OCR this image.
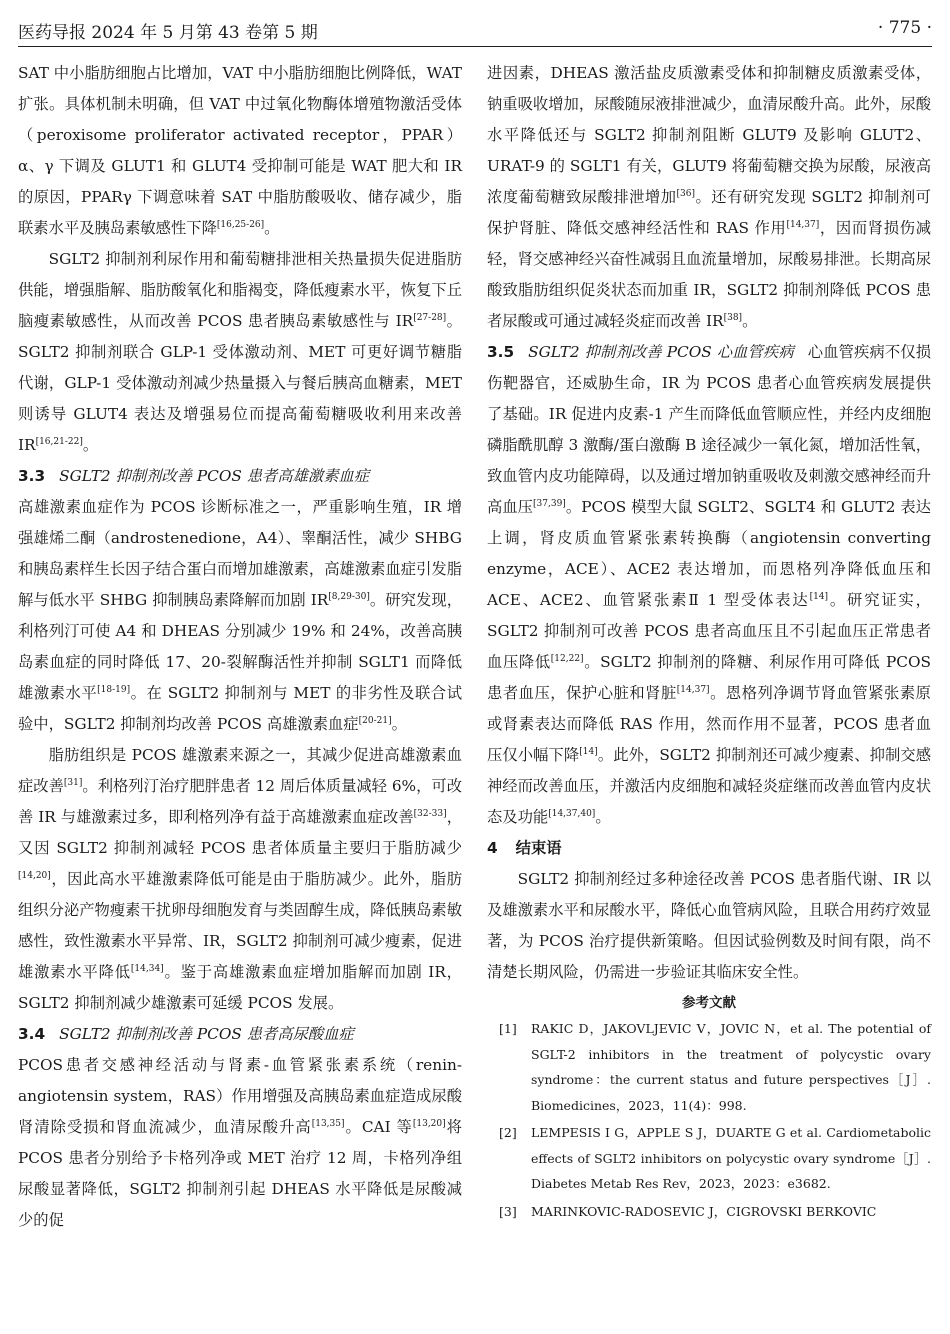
医药导报 2024 年 5 月第 43 卷第 5 期	· 775 ·

SAT 中小脂肪细胞占比增加，VAT 中小脂肪细胞比例降低，WAT 扩张。具体机制未明确，但 VAT 中过氧化物酶体增殖物激活受体（peroxisome proliferator activated receptor，PPAR）α、γ 下调及 GLUT1 和 GLUT4 受抑制可能是 WAT 肥大和 IR 的原因，PPARγ 下调意味着 SAT 中脂肪酸吸收、储存减少，脂联素水平及胰岛素敏感性下降[16,25-26]。

SGLT2 抑制剂利尿作用和葡萄糖排泄相关热量损失促进脂肪供能，增强脂解、脂肪酸氧化和脂褐变，降低瘦素水平，恢复下丘脑瘦素敏感性，从而改善 PCOS 患者胰岛素敏感性与 IR[27-28]。SGLT2 抑制剂联合 GLP-1 受体激动剂、MET 可更好调节糖脂代谢，GLP-1 受体激动剂减少热量摄入与餐后胰高血糖素，MET 则诱导 GLUT4 表达及增强易位而提高葡萄糖吸收利用来改善 IR[16,21-22]。

3.3 SGLT2 抑制剂改善 PCOS 患者高雄激素血症

高雄激素血症作为 PCOS 诊断标准之一，严重影响生殖，IR 增强雄烯二酮（androstenedione，A4）、睾酮活性，减少 SHBG 和胰岛素样生长因子结合蛋白而增加雄激素，高雄激素血症引发脂解与低水平 SHBG 抑制胰岛素降解而加剧 IR[8,29-30]。研究发现，利格列汀可使 A4 和 DHEAS 分别减少 19% 和 24%，改善高胰岛素血症的同时降低 17、20-裂解酶活性并抑制 SGLT1 而降低雄激素水平[18-19]。在 SGLT2 抑制剂与 MET 的非劣性及联合试验中，SGLT2 抑制剂均改善 PCOS 高雄激素血症[20-21]。

脂肪组织是 PCOS 雄激素来源之一，其减少促进高雄激素血症改善[31]。利格列汀治疗肥胖患者 12 周后体质量减轻 6%，可改善 IR 与雄激素过多，即利格列净有益于高雄激素血症改善[32-33]，又因 SGLT2 抑制剂减轻 PCOS 患者体质量主要归于脂肪减少[14,20]，因此高水平雄激素降低可能是由于脂肪减少。此外，脂肪组织分泌产物瘦素干扰卵母细胞发育与类固醇生成，降低胰岛素敏感性，致性激素水平异常、IR，SGLT2 抑制剂可减少瘦素，促进雄激素水平降低[14,34]。鉴于高雄激素血症增加脂解而加剧 IR，SGLT2 抑制剂减少雄激素可延缓 PCOS 发展。

3.4 SGLT2 抑制剂改善 PCOS 患者高尿酸血症

PCOS患者交感神经活动与肾素-血管紧张素系统（renin-angiotensin system，RAS）作用增强及高胰岛素血症造成尿酸肾清除受损和肾血流减少，血清尿酸升高[13,35]。CAI 等[13,20]将 PCOS 患者分别给予卡格列净或 MET 治疗 12 周，卡格列净组尿酸显著降低，SGLT2 抑制剂引起 DHEAS 水平降低是尿酸减少的促

进因素，DHEAS 激活盐皮质激素受体和抑制糖皮质激素受体，钠重吸收增加，尿酸随尿液排泄减少，血清尿酸升高。此外，尿酸水平降低还与 SGLT2 抑制剂阻断 GLUT9 及影响 GLUT2、URAT-9 的 SGLT1 有关，GLUT9 将葡萄糖交换为尿酸，尿液高浓度葡萄糖致尿酸排泄增加[36]。还有研究发现 SGLT2 抑制剂可保护肾脏、降低交感神经活性和 RAS 作用[14,37]，因而肾损伤减轻，肾交感神经兴奋性减弱且血流量增加，尿酸易排泄。长期高尿酸致脂肪组织促炎状态而加重 IR，SGLT2 抑制剂降低 PCOS 患者尿酸或可通过减轻炎症而改善 IR[38]。

3.5 SGLT2 抑制剂改善 PCOS 心血管疾病 心血管疾病不仅损伤靶器官，还威胁生命，IR 为 PCOS 患者心血管疾病发展提供了基础。IR 促进内皮素-1 产生而降低血管顺应性，并经内皮细胞磷脂酰肌醇 3 激酶/蛋白激酶 B 途径减少一氧化氮，增加活性氧，致血管内皮功能障碍，以及通过增加钠重吸收及刺激交感神经而升高血压[37,39]。PCOS 模型大鼠 SGLT2、SGLT4 和 GLUT2 表达上调，肾皮质血管紧张素转换酶（angiotensin converting enzyme，ACE）、ACE2 表达增加，而恩格列净降低血压和 ACE、ACE2、血管紧张素Ⅱ 1 型受体表达[14]。研究证实，SGLT2 抑制剂可改善 PCOS 患者高血压且不引起血压正常患者血压降低[12,22]。SGLT2 抑制剂的降糖、利尿作用可降低 PCOS 患者血压，保护心脏和肾脏[14,37]。恩格列净调节肾血管紧张素原或肾素表达而降低 RAS 作用，然而作用不显著，PCOS 患者血压仅小幅下降[14]。此外，SGLT2 抑制剂还可减少瘦素、抑制交感神经而改善血压，并激活内皮细胞和减轻炎症继而改善血管内皮状态及功能[14,37,40]。

4 结束语

SGLT2 抑制剂经过多种途径改善 PCOS 患者脂代谢、IR 以及雄激素水平和尿酸水平，降低心血管病风险，且联合用药疗效显著，为 PCOS 治疗提供新策略。但因试验例数及时间有限，尚不清楚长期风险，仍需进一步验证其临床安全性。

参考文献

[1]	RAKIC D，JAKOVLJEVIC V，JOVIC N，et al. The potential of SGLT-2 inhibitors in the treatment of polycystic ovary syndrome：the current status and future perspectives［J］. Biomedicines，2023，11(4)：998.
[2]	LEMPESIS I G，APPLE S J，DUARTE G et al. Cardiometabolic effects of SGLT2 inhibitors on polycystic ovary syndrome［J］. Diabetes Metab Res Rev，2023，2023：e3682.
[3]	MARINKOVIC-RADOSEVIC J，CIGROVSKI BERKOVIC
